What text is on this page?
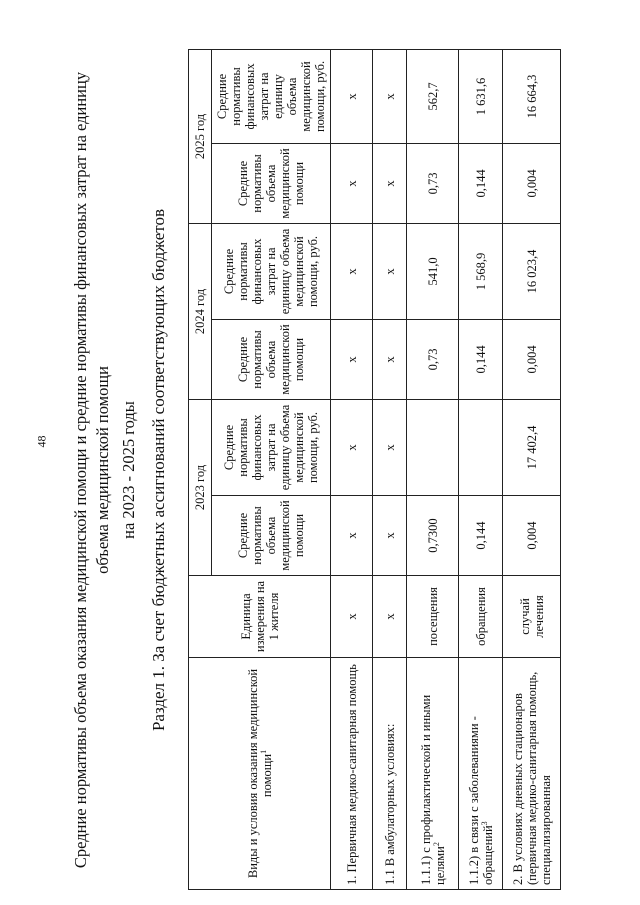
48 Средние нормативы объема оказания медицинской помощи и средние нормативы финансовых затрат на единицу объема медицинской помощи на 2023 - 2025 годы Раздел 1. За счет бюджетных ассигнований соответствующих бюджетов
Виды и условия оказания медицинской помощи$^1$	Единица измерения на 1 жителя	2023 год		2024 год		2025 год	
		Средние нормативы объема медицинской помощи	Средние нормативы финансовых затрат на единицу объема медицинской помощи, руб.	Средние нормативы объема медицинской помощи	Средние нормативы финансовых затрат на единицу объема медицинской помощи, руб.	Средние нормативы объема медицинской помощи	Средние нормативы финансовых затрат на единицу объема медицинской помощи, руб.
1. Первичная медико-санитарная помощь	х	х	х	х	х	х	х
1.1 В амбулаторных условиях:	х	х	х	х	х	х	х
1.1.1) с профилактической и иными целями$^2$	посещения	0,7300		0,73	541,0	0,73	562,7
1.1.2) в связи с заболеваниями - обращений$^3$	обращения	0,144		0,144	1 568,9	0,144	1 631,6
2. В условиях дневных стационаров (первичная медико-санитарная помощь, специализированная	случай лечения	0,004	17 402,4	0,004	16 023,4	0,004	16 664,3
